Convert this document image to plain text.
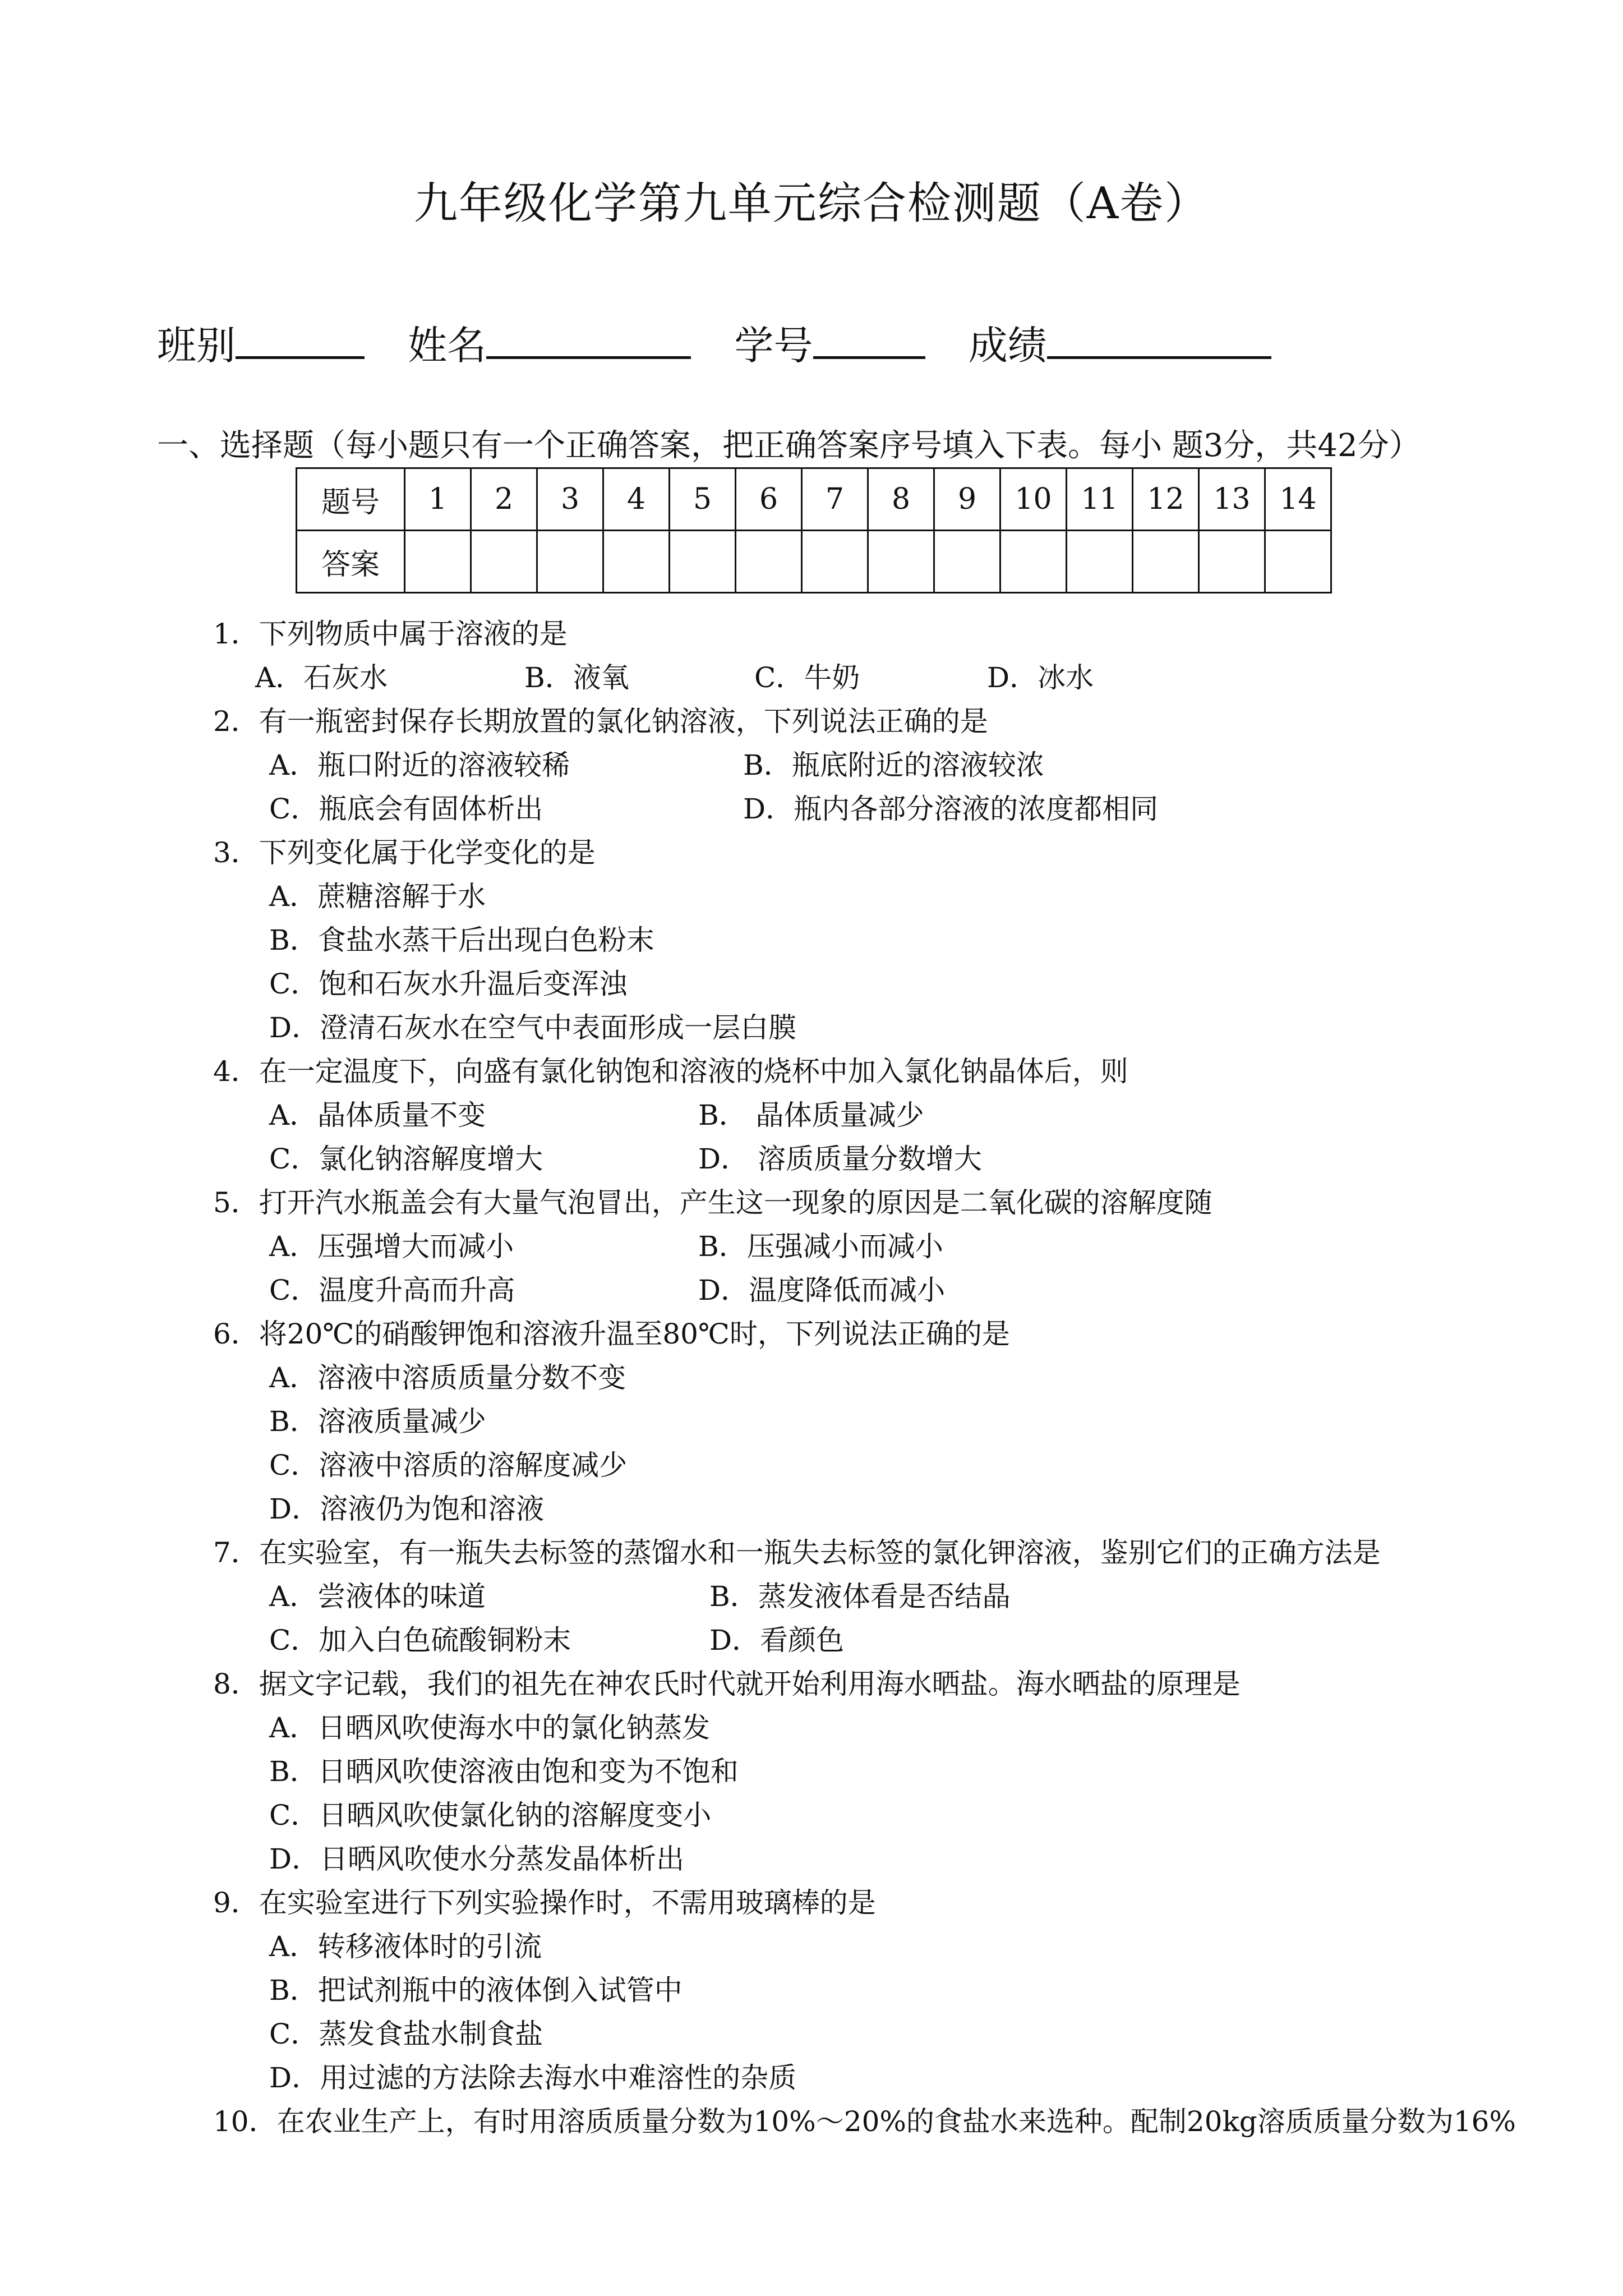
九年级化学第九单元综合检测题（A卷）
班别	姓名	学号	成绩
一、选择题（每小题只有一个正确答案，把正确答案序号填入下表。每小 题3分，共42分）
题号	1	2	3	4	5	6	7	8	9	10	11	12	13	14
答案														
1．下列物质中属于溶液的是
A．石灰水	B．液氧	C．牛奶	D．冰水
2．有一瓶密封保存长期放置的氯化钠溶液，下列说法正确的是
A．瓶口附近的溶液较稀	B．瓶底附近的溶液较浓
C．瓶底会有固体析出	D．瓶内各部分溶液的浓度都相同
3．下列变化属于化学变化的是
A．蔗糖溶解于水
B．食盐水蒸干后出现白色粉末
C．饱和石灰水升温后变浑浊
D．澄清石灰水在空气中表面形成一层白膜
4．在一定温度下，向盛有氯化钠饱和溶液的烧杯中加入氯化钠晶体后，则
A．晶体质量不变	B． 晶体质量减少
C．氯化钠溶解度增大	D． 溶质质量分数增大
5．打开汽水瓶盖会有大量气泡冒出，产生这一现象的原因是二氧化碳的溶解度随
A．压强增大而减小	B．压强减小而减小
C．温度升高而升高	D．温度降低而减小
6．将20℃的硝酸钾饱和溶液升温至80℃时，下列说法正确的是
A．溶液中溶质质量分数不变
B．溶液质量减少
C．溶液中溶质的溶解度减少
D．溶液仍为饱和溶液
7．在实验室，有一瓶失去标签的蒸馏水和一瓶失去标签的氯化钾溶液，鉴别它们的正确方法是
A．尝液体的味道	B．蒸发液体看是否结晶
C．加入白色硫酸铜粉末	D．看颜色
8．据文字记载，我们的祖先在神农氏时代就开始利用海水晒盐。海水晒盐的原理是
A．日晒风吹使海水中的氯化钠蒸发
B．日晒风吹使溶液由饱和变为不饱和
C．日晒风吹使氯化钠的溶解度变小
D．日晒风吹使水分蒸发晶体析出
9．在实验室进行下列实验操作时，不需用玻璃棒的是
A．转移液体时的引流
B．把试剂瓶中的液体倒入试管中
C．蒸发食盐水制食盐
D．用过滤的方法除去海水中难溶性的杂质
10．在农业生产上，有时用溶质质量分数为10%～20%的食盐水来选种。配制20kg溶质质量分数为16%
